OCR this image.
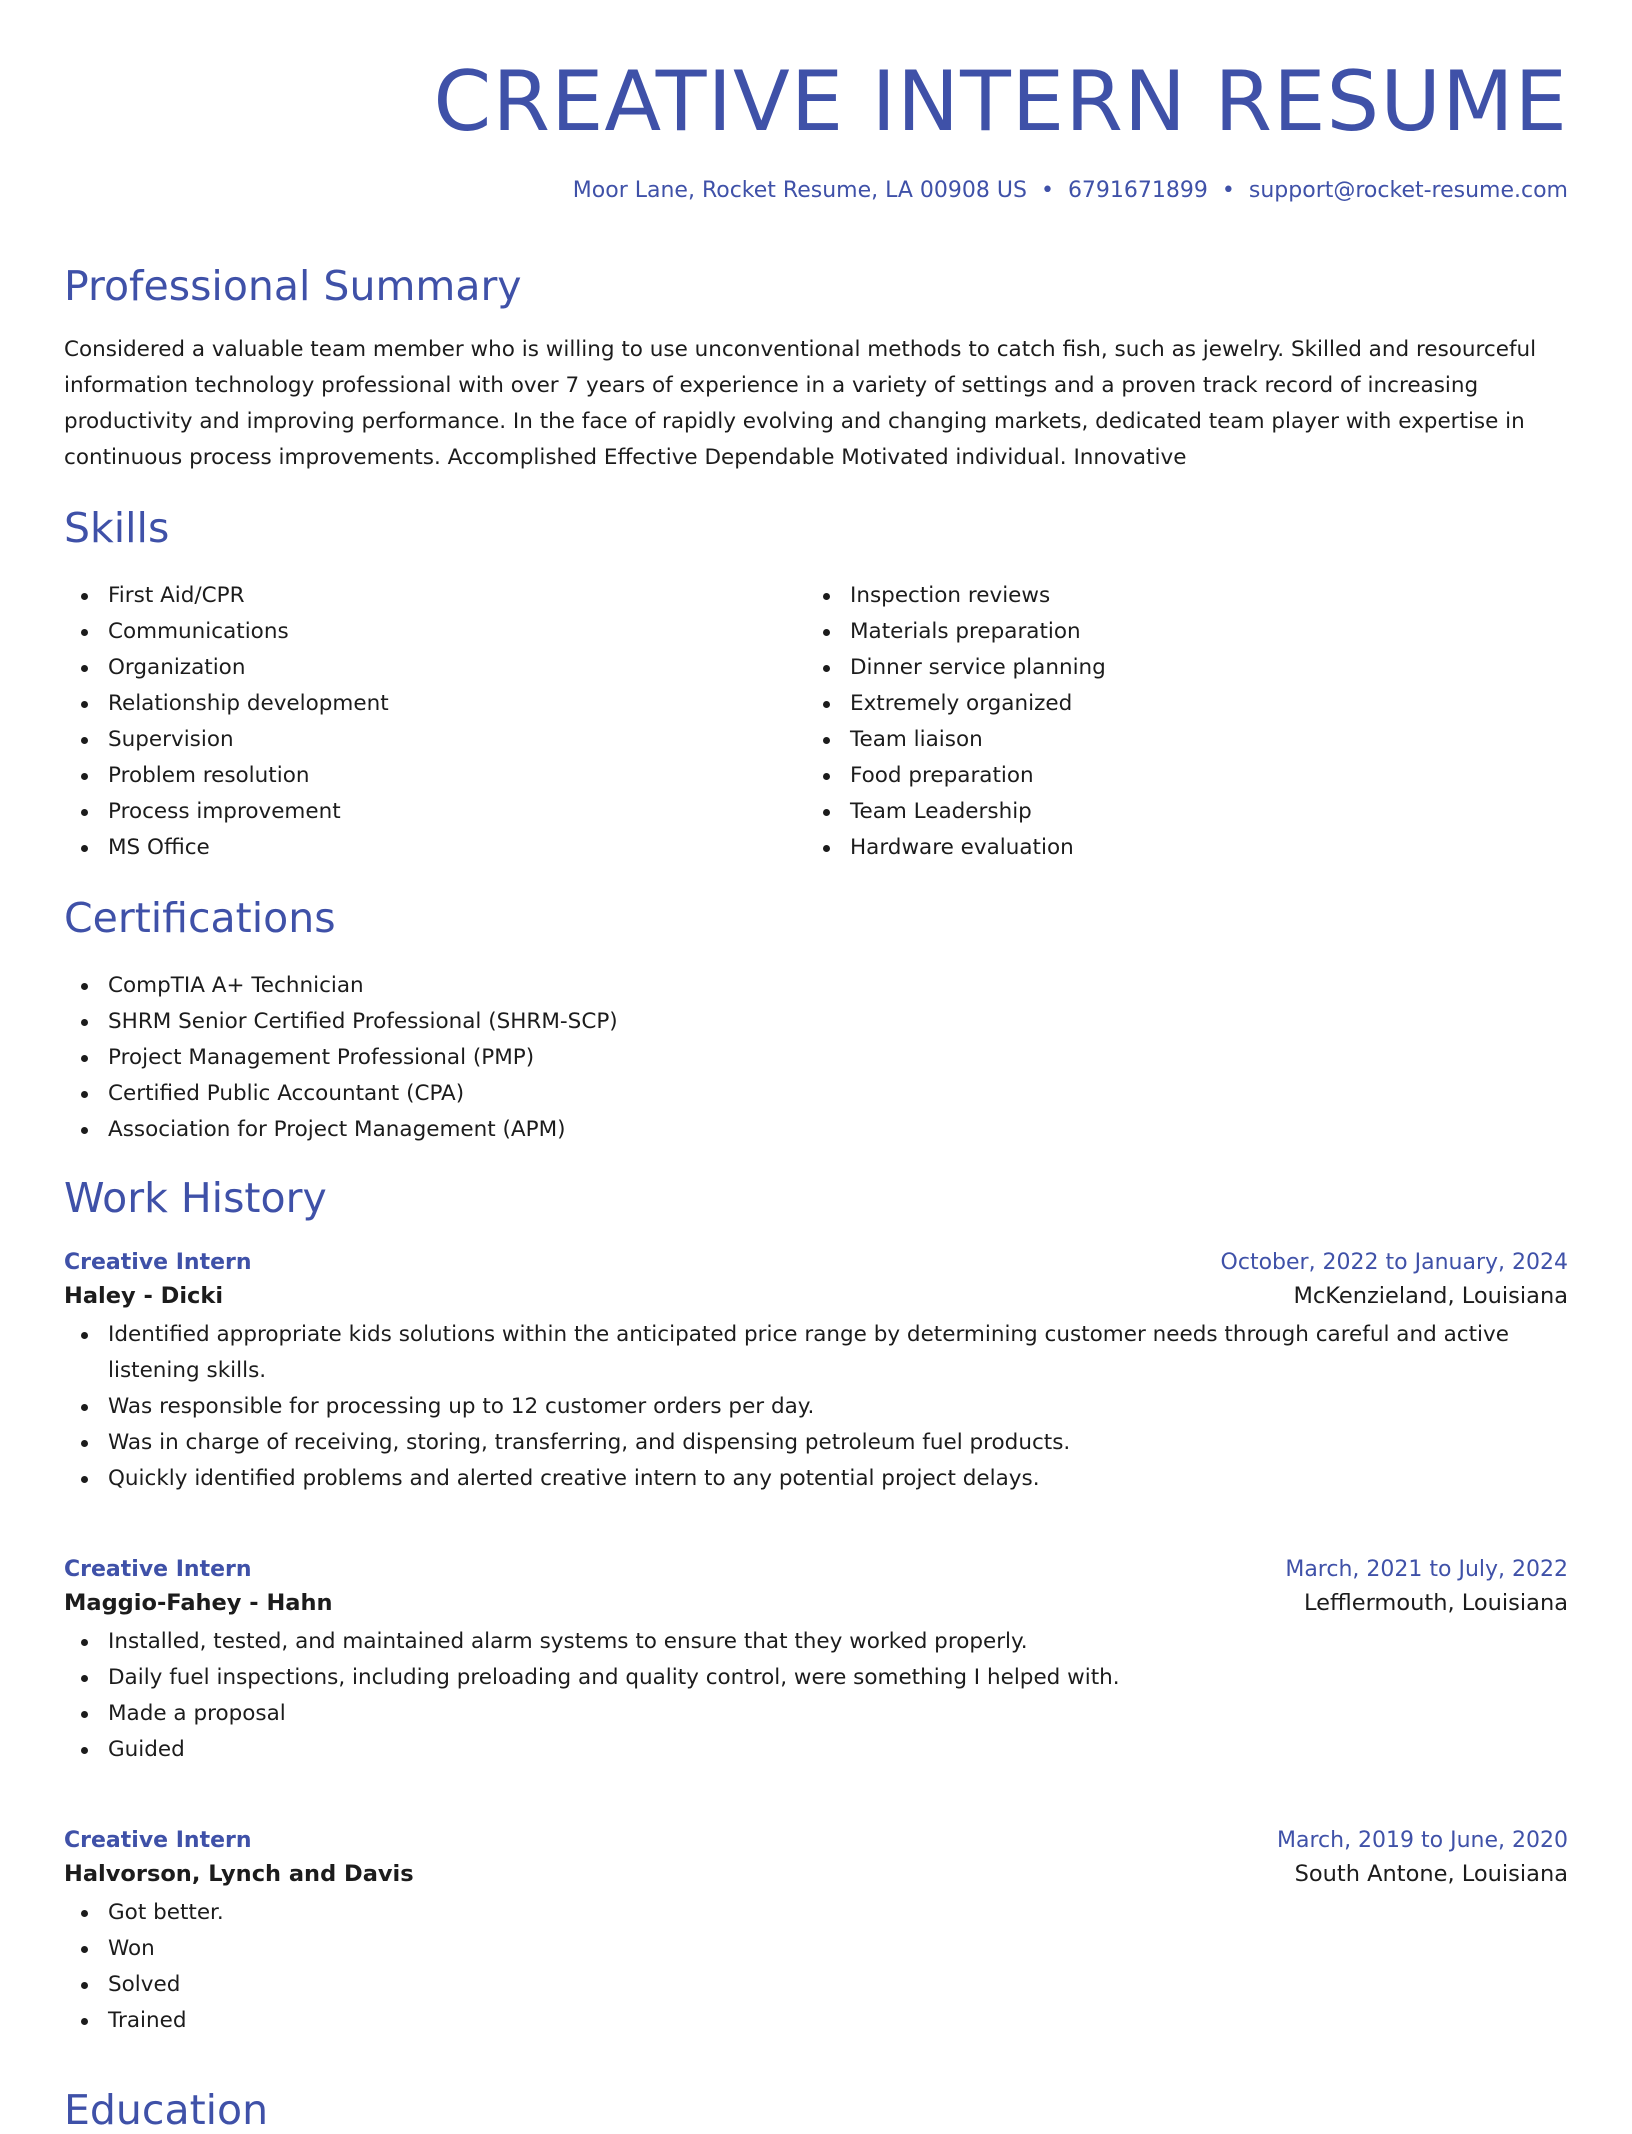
CREATIVE INTERN RESUME
Moor Lane, Rocket Resume, LA 00908 US • 6791671899 • support@rocket-resume.com
Professional Summary

Considered a valuable team member who is willing to use unconventional methods to catch fish, such as jewelry. Skilled and resourceful information technology professional with over 7 years of experience in a variety of settings and a proven track record of increasing productivity and improving performance. In the face of rapidly evolving and changing markets, dedicated team player with expertise in continuous process improvements. Accomplished Effective Dependable Motivated individual. Innovative

Skills
First Aid/CPR
Communications
Organization
Relationship development
Supervision
Problem resolution
Process improvement
MS Office
Inspection reviews
Materials preparation
Dinner service planning
Extremely organized
Team liaison
Food preparation
Team Leadership
Hardware evaluation
Certifications
CompTIA A+ Technician
SHRM Senior Certified Professional (SHRM-SCP)
Project Management Professional (PMP)
Certified Public Accountant (CPA)
Association for Project Management (APM)
Work History
Creative Intern	October, 2022 to January, 2024
Haley - Dicki	McKenzieland, Louisiana
Identified appropriate kids solutions within the anticipated price range by determining customer needs through careful and active listening skills.
Was responsible for processing up to 12 customer orders per day.
Was in charge of receiving, storing, transferring, and dispensing petroleum fuel products.
Quickly identified problems and alerted creative intern to any potential project delays.
Creative Intern	March, 2021 to July, 2022
Maggio-Fahey - Hahn	Lefflermouth, Louisiana
Installed, tested, and maintained alarm systems to ensure that they worked properly.
Daily fuel inspections, including preloading and quality control, were something I helped with.
Made a proposal
Guided
Creative Intern	March, 2019 to June, 2020
Halvorson, Lynch and Davis	South Antone, Louisiana
Got better.
Won
Solved
Trained
Education
